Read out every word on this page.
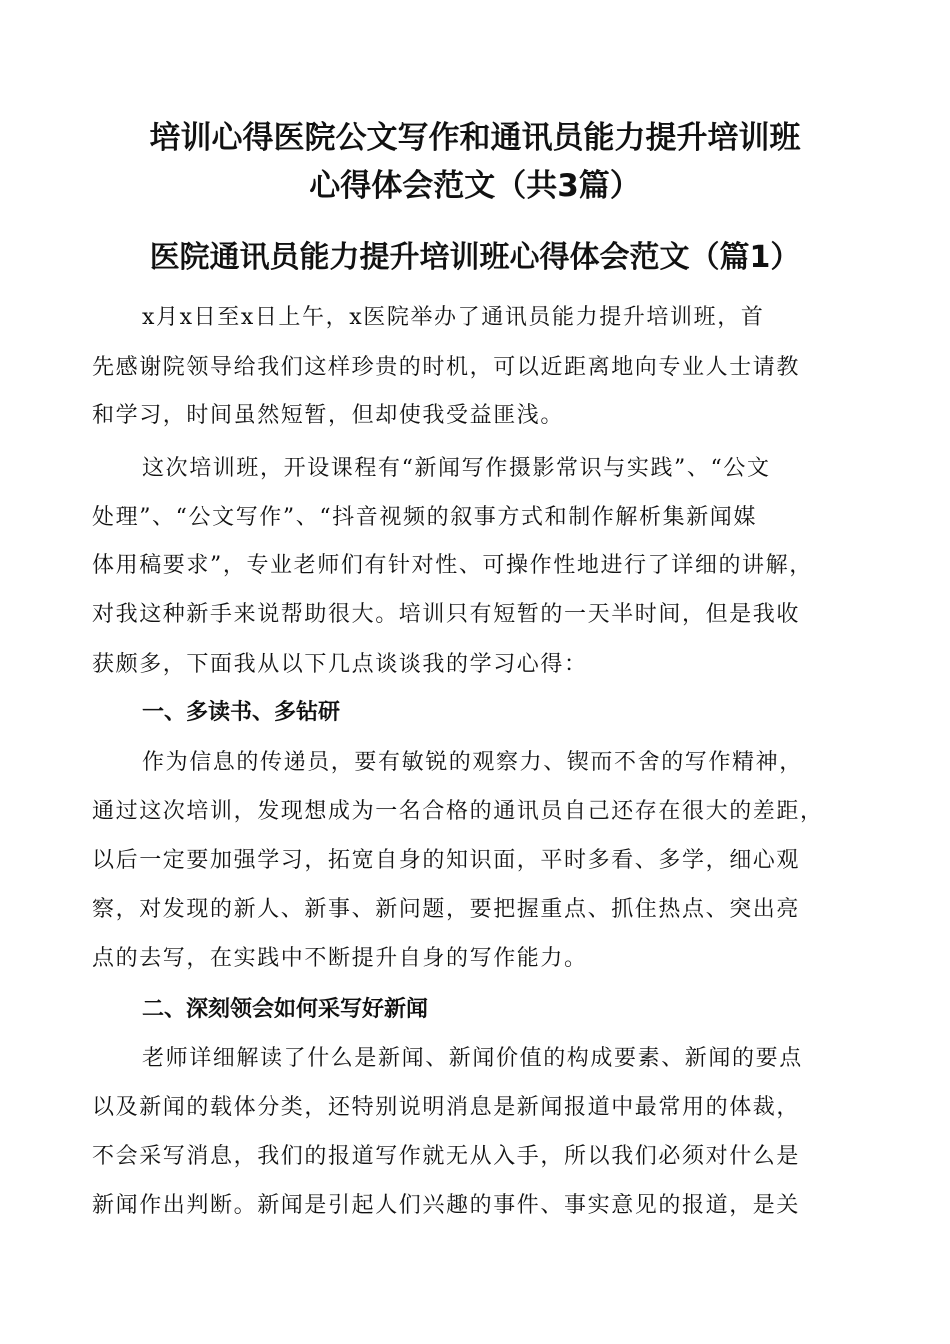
培训心得医院公文写作和通讯员能力提升培训班
心得体会范文（共3篇）
医院通讯员能力提升培训班心得体会范文（篇1）

x月x日至x日上午，x医院举办了通讯员能力提升培训班，首

先感谢院领导给我们这样珍贵的时机，可以近距离地向专业人士请教

和学习，时间虽然短暂，但却使我受益匪浅。

这次培训班，开设课程有“新闻写作摄影常识与实践”、“公文

处理”、“公文写作”、“抖音视频的叙事方式和制作解析集新闻媒

体用稿要求”，专业老师们有针对性、可操作性地进行了详细的讲解，

对我这种新手来说帮助很大。培训只有短暂的一天半时间，但是我收

获颇多，下面我从以下几点谈谈我的学习心得：

一、多读书、多钻研

作为信息的传递员，要有敏锐的观察力、锲而不舍的写作精神，

通过这次培训，发现想成为一名合格的通讯员自己还存在很大的差距，

以后一定要加强学习，拓宽自身的知识面，平时多看、多学，细心观

察，对发现的新人、新事、新问题，要把握重点、抓住热点、突出亮

点的去写，在实践中不断提升自身的写作能力。

二、深刻领会如何采写好新闻

老师详细解读了什么是新闻、新闻价值的构成要素、新闻的要点

以及新闻的载体分类，还特别说明消息是新闻报道中最常用的体裁，

不会采写消息，我们的报道写作就无从入手，所以我们必须对什么是

新闻作出判断。新闻是引起人们兴趣的事件、事实意见的报道，是关
